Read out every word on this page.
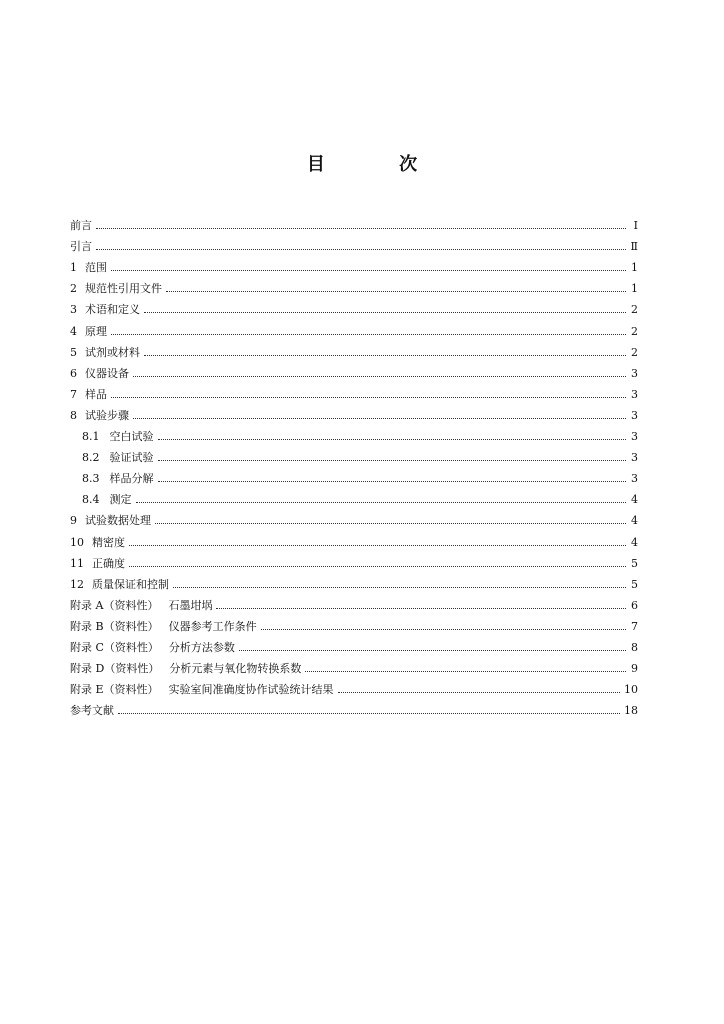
目 次
前言	Ⅰ
引言	Ⅱ
1 范围	1
2 规范性引用文件	1
3 术语和定义	2
4 原理	2
5 试剂或材料	2
6 仪器设备	3
7 样品	3
8 试验步骤	3
8.1 空白试验	3
8.2 验证试验	3
8.3 样品分解	3
8.4 测定	4
9 试验数据处理	4
10 精密度	4
11 正确度	5
12 质量保证和控制	5
附录 A（资料性） 石墨坩埚	6
附录 B（资料性） 仪器参考工作条件	7
附录 C（资料性） 分析方法参数	8
附录 D（资料性） 分析元素与氧化物转换系数	9
附录 E（资料性） 实验室间准确度协作试验统计结果	10
参考文献	18
